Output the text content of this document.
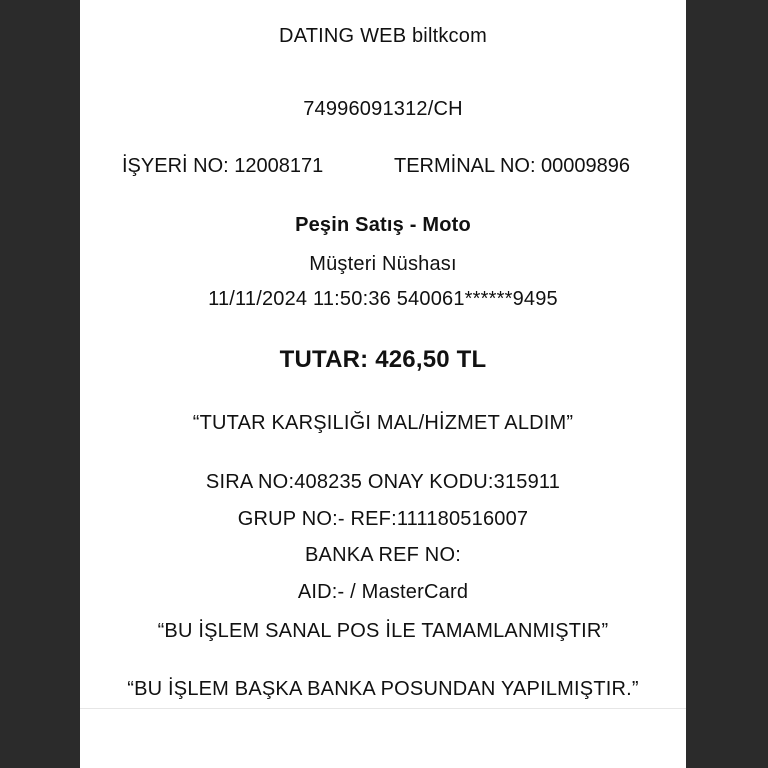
DATING WEB biltkcom
74996091312/CH
İŞYERİ NO: 12008171	TERMİNAL NO: 00009896
Peşin Satış - Moto
Müşteri Nüshası
11/11/2024 11:50:36 540061******9495
TUTAR: 426,50 TL
“TUTAR KARŞILIĞI MAL/HİZMET ALDIM”
SIRA NO:408235 ONAY KODU:315911
GRUP NO:- REF:111180516007
BANKA REF NO:
AID:- / MasterCard
“BU İŞLEM SANAL POS İLE TAMAMLANMIŞTIR”
“BU İŞLEM BAŞKA BANKA POSUNDAN YAPILMIŞTIR.”
